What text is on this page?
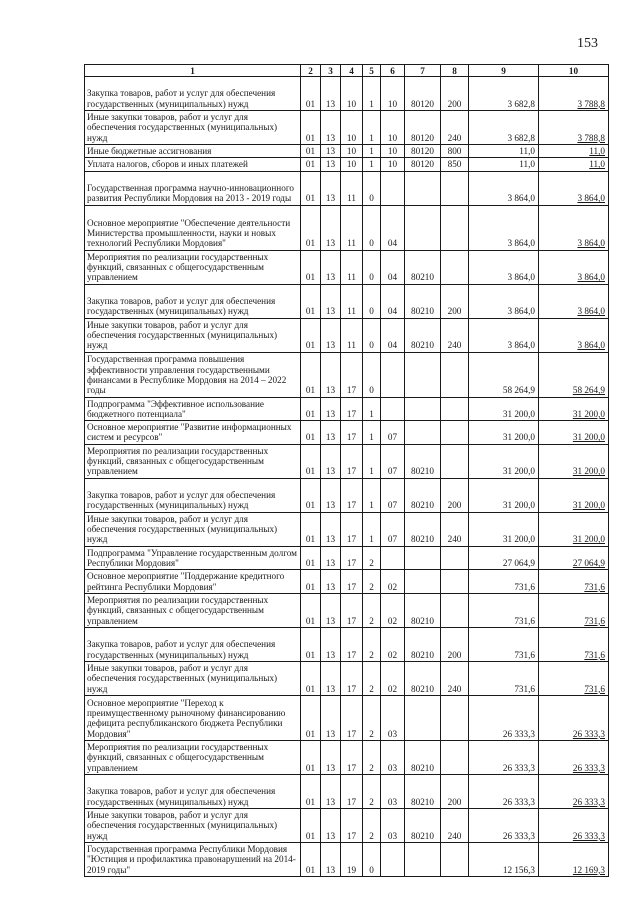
153
1	2	3	4	5	6	7	8	9	10
Закупка товаров, работ и услуг для обеспечения государственных (муниципальных) нужд	01	13	10	1	10	80120	200	3 682,8	3 788,8
Иные закупки товаров, работ и услуг для обеспечения государственных (муниципальных) нужд	01	13	10	1	10	80120	240	3 682,8	3 788,8
Иные бюджетные ассигнования	01	13	10	1	10	80120	800	11,0	11,0
Уплата налогов, сборов и иных платежей	01	13	10	1	10	80120	850	11,0	11,0
Государственная программа научно-инновационного развития Республики Мордовия на 2013 - 2019 годы	01	13	11	0				3 864,0	3 864,0
Основное мероприятие "Обеспечение деятельности Министерства промышленности, науки и новых технологий Республики Мордовия"	01	13	11	0	04			3 864,0	3 864,0
Мероприятия по реализации государственных функций, связанных с общегосударственным управлением	01	13	11	0	04	80210		3 864,0	3 864,0
Закупка товаров, работ и услуг для обеспечения государственных (муниципальных) нужд	01	13	11	0	04	80210	200	3 864,0	3 864,0
Иные закупки товаров, работ и услуг для обеспечения государственных (муниципальных) нужд	01	13	11	0	04	80210	240	3 864,0	3 864,0
Государственная программа повышения эффективности управления государственными финансами в Республике Мордовия на 2014 – 2022 годы	01	13	17	0				58 264,9	58 264,9
Подпрограмма "Эффективное использование бюджетного потенциала"	01	13	17	1				31 200,0	31 200,0
Основное мероприятие "Развитие информационных систем и ресурсов"	01	13	17	1	07			31 200,0	31 200,0
Мероприятия по реализации государственных функций, связанных с общегосударственным управлением	01	13	17	1	07	80210		31 200,0	31 200,0
Закупка товаров, работ и услуг для обеспечения государственных (муниципальных) нужд	01	13	17	1	07	80210	200	31 200,0	31 200,0
Иные закупки товаров, работ и услуг для обеспечения государственных (муниципальных) нужд	01	13	17	1	07	80210	240	31 200,0	31 200,0
Подпрограмма "Управление государственным долгом Республики Мордовия"	01	13	17	2				27 064,9	27 064,9
Основное мероприятие "Поддержание кредитного рейтинга Республики Мордовия"	01	13	17	2	02			731,6	731,6
Мероприятия по реализации государственных функций, связанных с общегосударственным управлением	01	13	17	2	02	80210		731,6	731,6
Закупка товаров, работ и услуг для обеспечения государственных (муниципальных) нужд	01	13	17	2	02	80210	200	731,6	731,6
Иные закупки товаров, работ и услуг для обеспечения государственных (муниципальных) нужд	01	13	17	2	02	80210	240	731,6	731,6
Основное мероприятие "Переход к преимущественному рыночному финансированию дефицита республиканского бюджета Республики Мордовия"	01	13	17	2	03			26 333,3	26 333,3
Мероприятия по реализации государственных функций, связанных с общегосударственным управлением	01	13	17	2	03	80210		26 333,3	26 333,3
Закупка товаров, работ и услуг для обеспечения государственных (муниципальных) нужд	01	13	17	2	03	80210	200	26 333,3	26 333,3
Иные закупки товаров, работ и услуг для обеспечения государственных (муниципальных) нужд	01	13	17	2	03	80210	240	26 333,3	26 333,3
Государственная программа Республики Мордовия "Юстиция и профилактика правонарушений на 2014-2019 годы"	01	13	19	0				12 156,3	12 169,3
